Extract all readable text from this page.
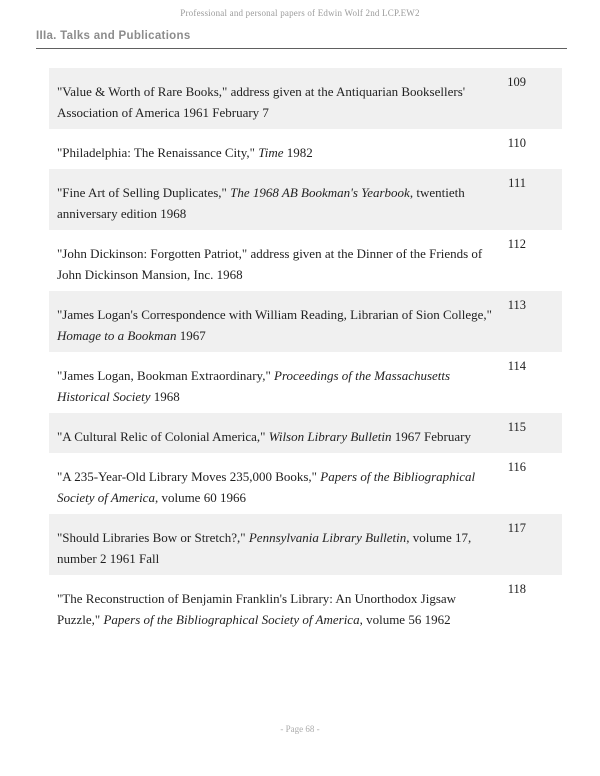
Professional and personal papers of Edwin Wolf 2nd LCP.EW2
IIIa. Talks and Publications
"Value & Worth of Rare Books," address given at the Antiquarian Booksellers' Association of America 1961 February 7
109
"Philadelphia: The Renaissance City," Time 1982
110
"Fine Art of Selling Duplicates," The 1968 AB Bookman's Yearbook, twentieth anniversary edition 1968
111
"John Dickinson: Forgotten Patriot," address given at the Dinner of the Friends of John Dickinson Mansion, Inc. 1968
112
"James Logan's Correspondence with William Reading, Librarian of Sion College," Homage to a Bookman 1967
113
"James Logan, Bookman Extraordinary," Proceedings of the Massachusetts Historical Society 1968
114
"A Cultural Relic of Colonial America," Wilson Library Bulletin 1967 February
115
"A 235-Year-Old Library Moves 235,000 Books," Papers of the Bibliographical Society of America, volume 60 1966
116
"Should Libraries Bow or Stretch?," Pennsylvania Library Bulletin, volume 17, number 2 1961 Fall
117
"The Reconstruction of Benjamin Franklin's Library: An Unorthodox Jigsaw Puzzle," Papers of the Bibliographical Society of America, volume 56 1962
118
- Page 68 -
